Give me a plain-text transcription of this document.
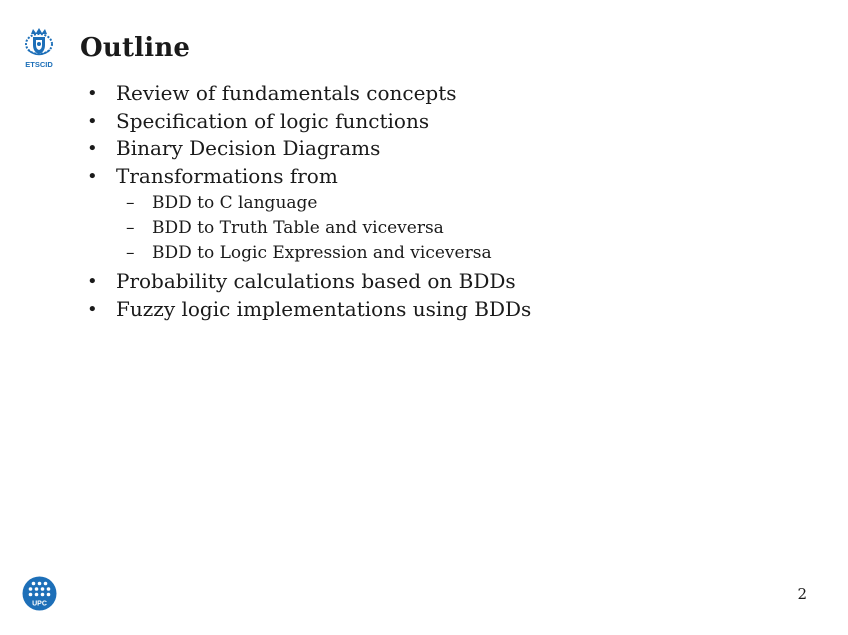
ETSCID
Outline
• Review of fundamentals concepts
• Specification of logic functions
• Binary Decision Diagrams
• Transformations from
– BDD to C language
– BDD to Truth Table and viceversa
– BDD to Logic Expression and viceversa
• Probability calculations based on BDDs
• Fuzzy logic implementations using BDDs
UPC
2
